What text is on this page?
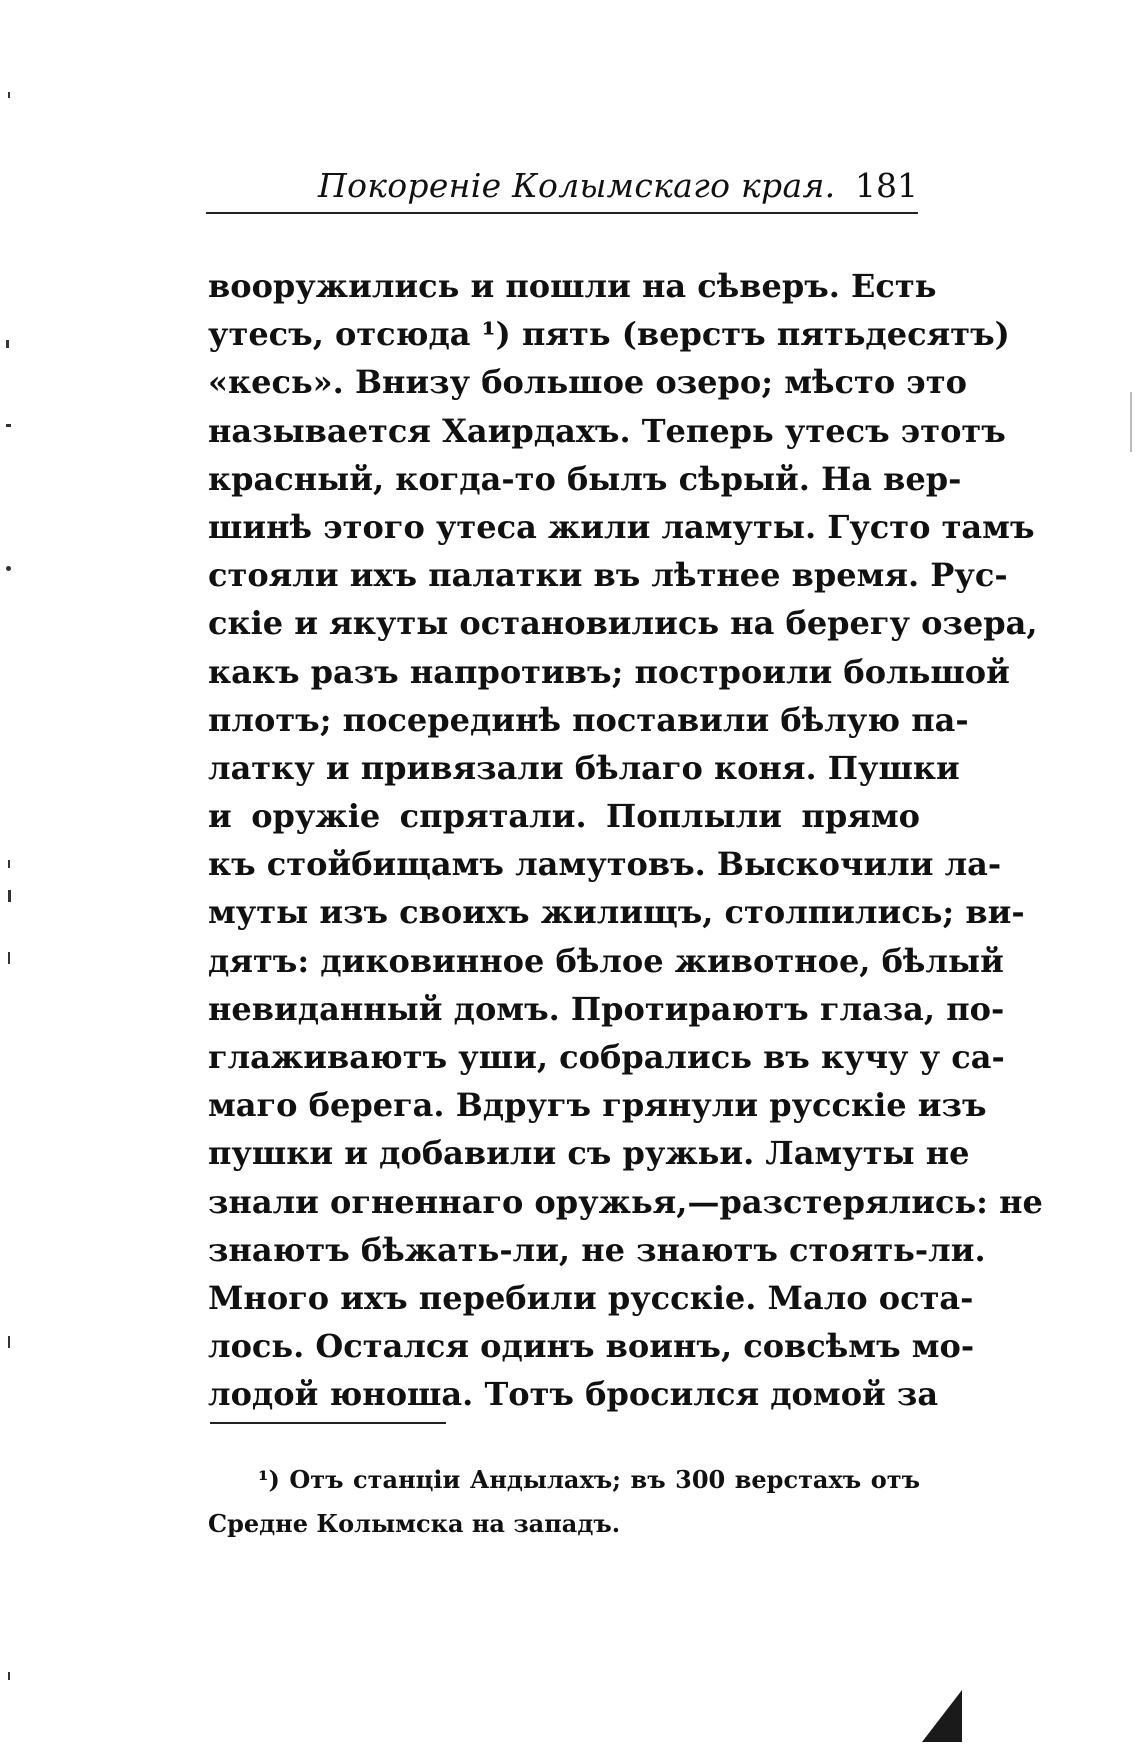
Покореніе Колымскаго края. 181
вооружились и пошли на сѣверъ. Есть
утесъ, отсюда ¹) пять (верстъ пятьдесятъ)
«кесь». Внизу большое озеро; мѣсто это
называется Хаирдахъ. Теперь утесъ этотъ
красный, когда-то былъ сѣрый. На вер-
шинѣ этого утеса жили ламуты. Густо тамъ
стояли ихъ палатки въ лѣтнее время. Рус-
скіе и якуты остановились на берегу озера,
какъ разъ напротивъ; построили большой
плотъ; посерединѣ поставили бѣлую па-
латку и привязали бѣлаго коня. Пушки
и оружіе спрятали. Поплыли прямо
къ стойбищамъ ламутовъ. Выскочили ла-
муты изъ своихъ жилищъ, столпились; ви-
дятъ: диковинное бѣлое животное, бѣлый
невиданный домъ. Протираютъ глаза, по-
глаживаютъ уши, собрались въ кучу у са-
маго берега. Вдругъ грянули русскіе изъ
пушки и добавили съ ружьи. Ламуты не
знали огненнаго оружья,—разстерялись: не
знаютъ бѣжать-ли, не знаютъ стоять-ли.
Много ихъ перебили русскіе. Мало оста-
лось. Остался одинъ воинъ, совсѣмъ мо-
лодой юноша. Тотъ бросился домой за
¹) Отъ станціи Андылахъ; въ 300 верстахъ отъ
Средне Колымска на западъ.
